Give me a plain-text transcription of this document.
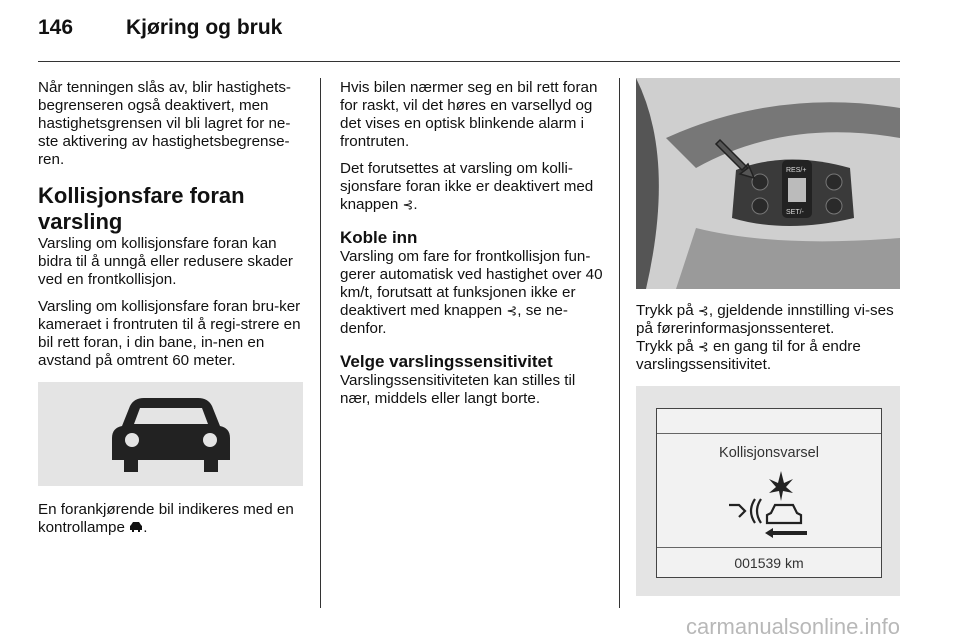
146	Kjøring og bruk

Når tenningen slås av, blir hastighets-begrenseren også deaktivert, men hastighetsgrensen vil bli lagret for ne-ste aktivering av hastighetsbegrense-ren.

Kollisjonsfare foran varsling

Varsling om kollisjonsfare foran kan bidra til å unngå eller redusere skader ved en frontkollisjon.

Varsling om kollisjonsfare foran bru-ker kameraet i frontruten til å regi-strere en bil rett foran, i din bane, in-nen en avstand på omtrent 60 meter.

En forankjørende bil indikeres med en kontrollampe .

Hvis bilen nærmer seg en bil rett foran for raskt, vil det høres en varsellyd og det vises en optisk blinkende alarm i frontruten.

Det forutsettes at varsling om kolli-sjonsfare foran ikke er deaktivert med knappen ⊰.

Koble inn

Varsling om fare for frontkollisjon fun-gerer automatisk ved hastighet over 40 km/t, forutsatt at funksjonen ikke er deaktivert med knappen ⊰, se ne-denfor.

Velge varslingssensitivitet

Varslingssensitiviteten kan stilles til nær, middels eller langt borte.

RES/+
SET/-

Trykk på ⊰, gjeldende innstilling vi-ses på førerinformasjonssenteret.

Trykk på ⊰ en gang til for å endre varslingssensitivitet.

Kollisjonsvarsel
001539 km
carmanualsonline.info
